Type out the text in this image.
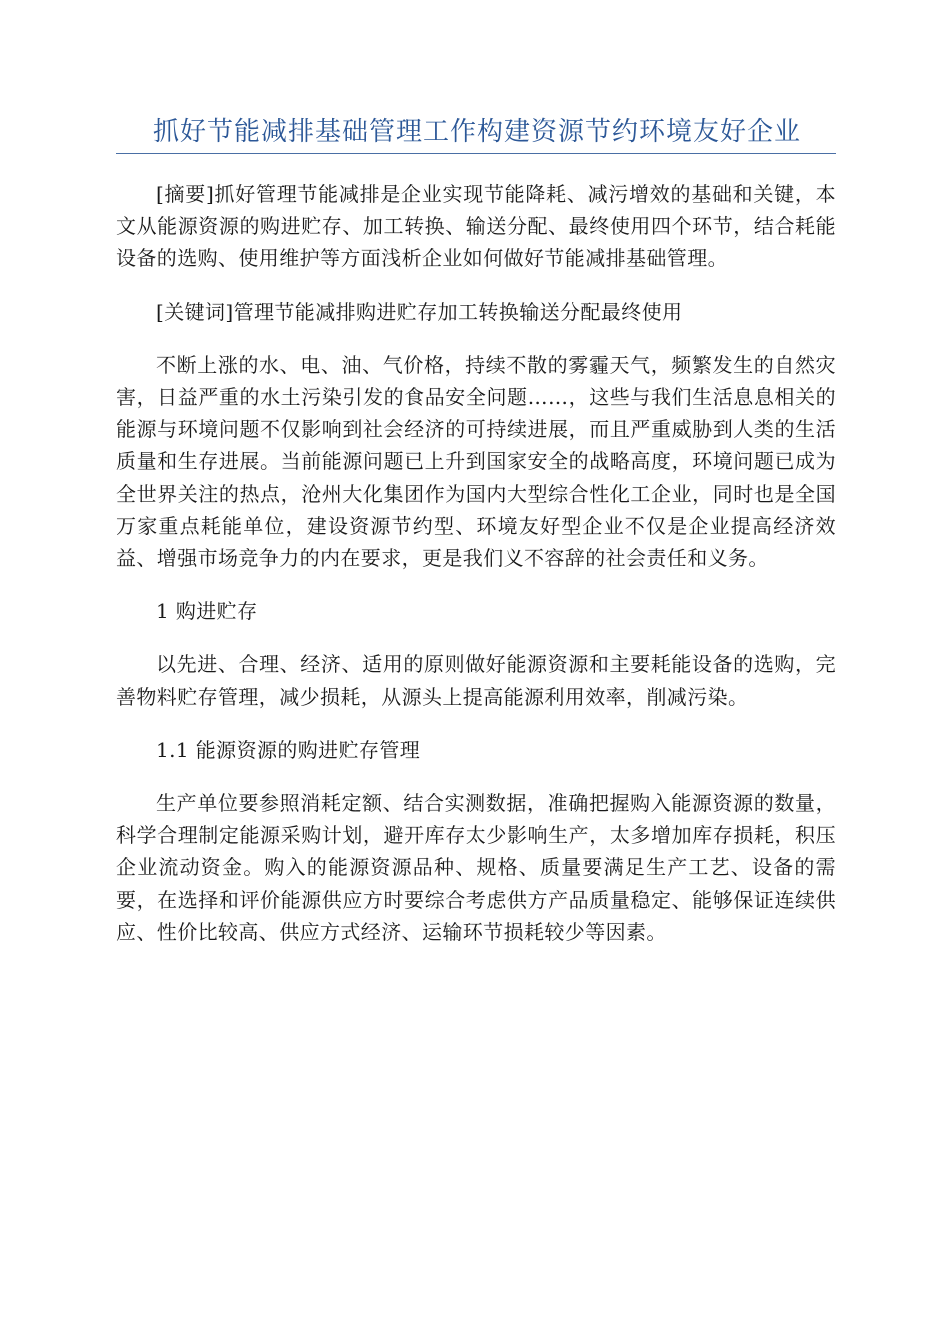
抓好节能减排基础管理工作构建资源节约环境友好企业

[摘要]抓好管理节能减排是企业实现节能降耗、减污增效的基础和关键，本文从能源资源的购进贮存、加工转换、输送分配、最终使用四个环节，结合耗能设备的选购、使用维护等方面浅析企业如何做好节能减排基础管理。

[关键词]管理节能减排购进贮存加工转换输送分配最终使用

不断上涨的水、电、油、气价格，持续不散的雾霾天气，频繁发生的自然灾害，日益严重的水土污染引发的食品安全问题……，这些与我们生活息息相关的能源与环境问题不仅影响到社会经济的可持续进展，而且严重威胁到人类的生活质量和生存进展。当前能源问题已上升到国家安全的战略高度，环境问题已成为全世界关注的热点，沧州大化集团作为国内大型综合性化工企业，同时也是全国万家重点耗能单位，建设资源节约型、环境友好型企业不仅是企业提高经济效益、增强市场竞争力的内在要求，更是我们义不容辞的社会责任和义务。

1 购进贮存

以先进、合理、经济、适用的原则做好能源资源和主要耗能设备的选购，完善物料贮存管理，减少损耗，从源头上提高能源利用效率，削减污染。

1.1 能源资源的购进贮存管理

生产单位要参照消耗定额、结合实测数据，准确把握购入能源资源的数量，科学合理制定能源采购计划，避开库存太少影响生产，太多增加库存损耗，积压企业流动资金。购入的能源资源品种、规格、质量要满足生产工艺、设备的需要，在选择和评价能源供应方时要综合考虑供方产品质量稳定、能够保证连续供应、性价比较高、供应方式经济、运输环节损耗较少等因素。
